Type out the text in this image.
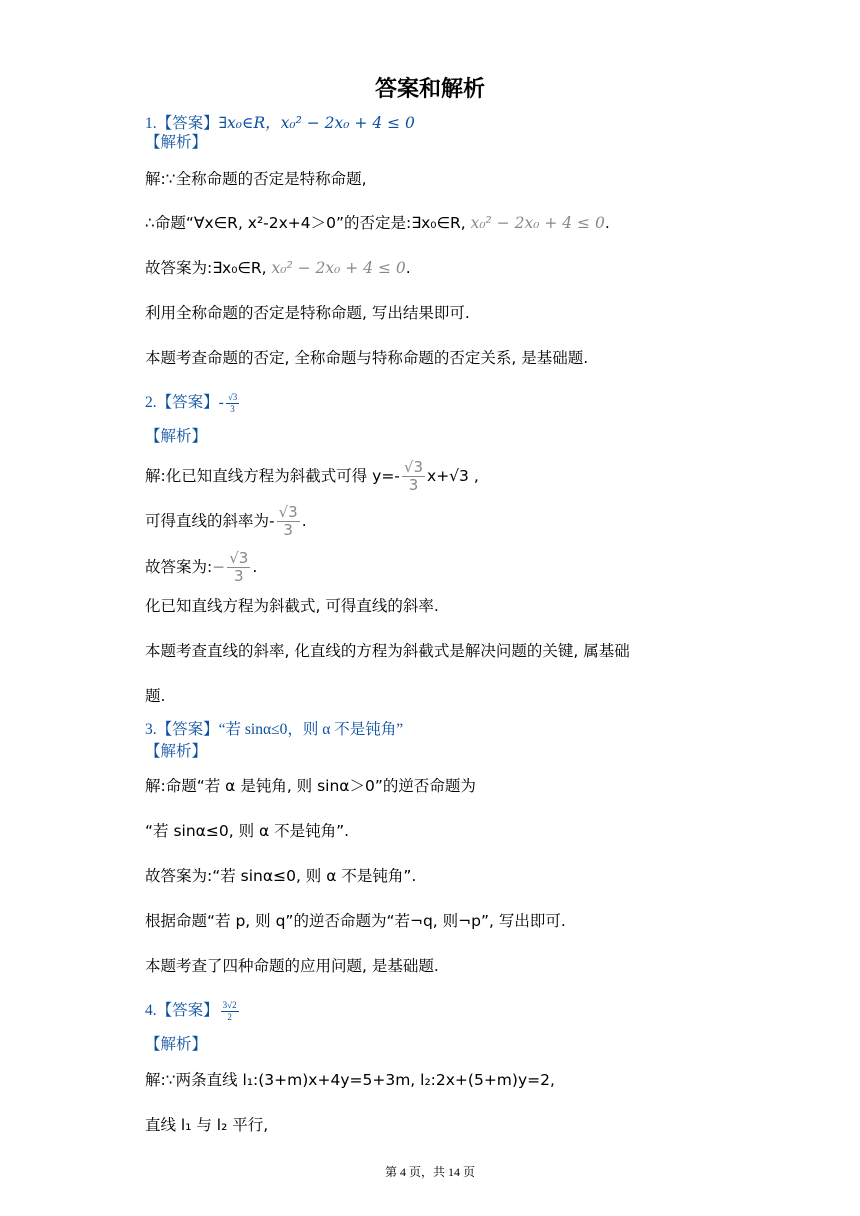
答案和解析
1.【答案】∃x₀∈R，x₀² − 2x₀ + 4 ≤ 0
【解析】
解:∵全称命题的否定是特称命题,
∴命题“∀x∈R, x²-2x+4＞0”的否定是:∃x₀∈R, x₀² − 2x₀ + 4 ≤ 0.
故答案为:∃x₀∈R, x₀² − 2x₀ + 4 ≤ 0.
利用全称命题的否定是特称命题, 写出结果即可.
本题考查命题的否定, 全称命题与特称命题的否定关系, 是基础题.
2.【答案】- $\frac{√3}{3}$
【解析】
解:化已知直线方程为斜截式可得 $y=- \frac{√3}{3} x+√3$ ,
可得直线的斜率为- $\frac{√3}{3}$ .
故答案为:− $\frac{√3}{3}$ .
化已知直线方程为斜截式, 可得直线的斜率.
本题考查直线的斜率, 化直线的方程为斜截式是解决问题的关键, 属基础
题.
3.【答案】“若 sinα≤0，则 α 不是钝角”
【解析】
解:命题“若 α 是钝角, 则 sinα＞0”的逆否命题为
“若 sinα≤0, 则 α 不是钝角”.
故答案为:“若 sinα≤0, 则 α 不是钝角”.
根据命题“若 p, 则 q”的逆否命题为“若¬q, 则¬p”, 写出即可.
本题考查了四种命题的应用问题, 是基础题.
4.【答案】 $\frac{3√2}{2}$
【解析】
解:∵两条直线 l₁:(3+m)x+4y=5+3m, l₂:2x+(5+m)y=2,
直线 l₁ 与 l₂ 平行,
第 4 页，共 14 页
